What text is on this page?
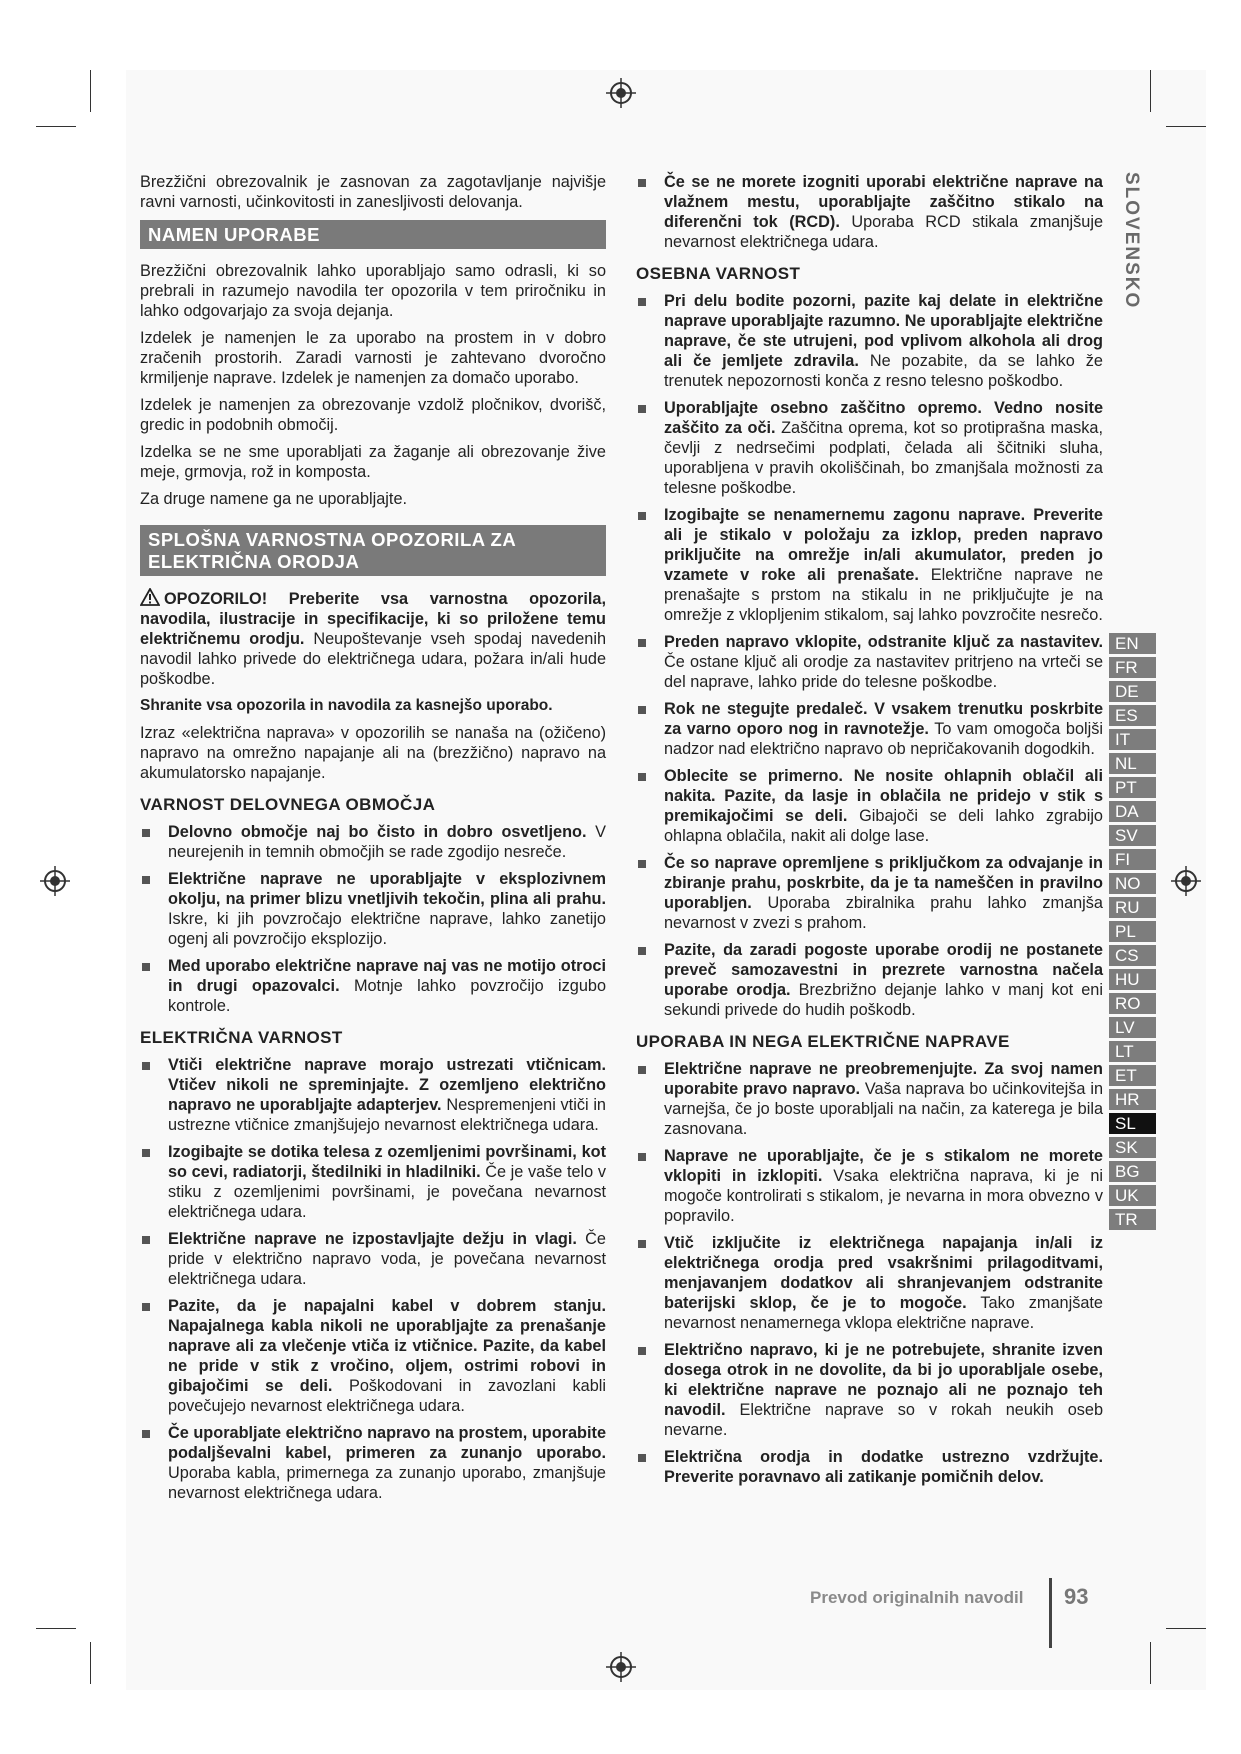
Brezžični obrezovalnik je zasnovan za zagotavljanje najvišje ravni varnosti, učinkovitosti in zanesljivosti delovanja.

NAMEN UPORABE

Brezžični obrezovalnik lahko uporabljajo samo odrasli, ki so prebrali in razumejo navodila ter opozorila v tem priročniku in lahko odgovarjajo za svoja dejanja.

Izdelek je namenjen le za uporabo na prostem in v dobro zračenih prostorih. Zaradi varnosti je zahtevano dvoročno krmiljenje naprave. Izdelek je namenjen za domačo uporabo.

Izdelek je namenjen za obrezovanje vzdolž pločnikov, dvorišč, gredic in podobnih območij.

Izdelka se ne sme uporabljati za žaganje ali obrezovanje žive meje, grmovja, rož in komposta.

Za druge namene ga ne uporabljajte.

SPLOŠNA VARNOSTNA OPOZORILA ZA ELEKTRIČNA ORODJA

OPOZORILO! Preberite vsa varnostna opozorila, navodila, ilustracije in specifikacije, ki so priložene temu električnemu orodju. Neupoštevanje vseh spodaj navedenih navodil lahko privede do električnega udara, požara in/ali hude poškodbe.

Shranite vsa opozorila in navodila za kasnejšo uporabo.

Izraz «električna naprava» v opozorilih se nanaša na (ožičeno) napravo na omrežno napajanje ali na (brezžično) napravo na akumulatorsko napajanje.

VARNOST DELOVNEGA OBMOČJA
Delovno območje naj bo čisto in dobro osvetljeno. V neurejenih in temnih območjih se rade zgodijo nesreče.
Električne naprave ne uporabljajte v eksplozivnem okolju, na primer blizu vnetljivih tekočin, plina ali prahu. Iskre, ki jih povzročajo električne naprave, lahko zanetijo ogenj ali povzročijo eksplozijo.
Med uporabo električne naprave naj vas ne motijo otroci in drugi opazovalci. Motnje lahko povzročijo izgubo kontrole.
ELEKTRIČNA VARNOST
Vtiči električne naprave morajo ustrezati vtičnicam. Vtičev nikoli ne spreminjajte. Z ozemljeno električno napravo ne uporabljajte adapterjev. Nespremenjeni vtiči in ustrezne vtičnice zmanjšujejo nevarnost električnega udara.
Izogibajte se dotika telesa z ozemljenimi površinami, kot so cevi, radiatorji, štedilniki in hladilniki. Če je vaše telo v stiku z ozemljenimi površinami, je povečana nevarnost električnega udara.
Električne naprave ne izpostavljajte dežju in vlagi. Če pride v električno napravo voda, je povečana nevarnost električnega udara.
Pazite, da je napajalni kabel v dobrem stanju. Napajalnega kabla nikoli ne uporabljajte za prenašanje naprave ali za vlečenje vtiča iz vtičnice. Pazite, da kabel ne pride v stik z vročino, oljem, ostrimi robovi in gibajočimi se deli. Poškodovani in zavozlani kabli povečujejo nevarnost električnega udara.
Če uporabljate električno napravo na prostem, uporabite podaljševalni kabel, primeren za zunanjo uporabo. Uporaba kabla, primernega za zunanjo uporabo, zmanjšuje nevarnost električnega udara.
Če se ne morete izogniti uporabi električne naprave na vlažnem mestu, uporabljajte zaščitno stikalo na diferenčni tok (RCD). Uporaba RCD stikala zmanjšuje nevarnost električnega udara.
OSEBNA VARNOST
Pri delu bodite pozorni, pazite kaj delate in električne naprave uporabljajte razumno. Ne uporabljajte električne naprave, če ste utrujeni, pod vplivom alkohola ali drog ali če jemljete zdravila. Ne pozabite, da se lahko že trenutek nepozornosti konča z resno telesno poškodbo.
Uporabljajte osebno zaščitno opremo. Vedno nosite zaščito za oči. Zaščitna oprema, kot so protiprašna maska, čevlji z nedrsečimi podplati, čelada ali ščitniki sluha, uporabljena v pravih okoliščinah, bo zmanjšala možnosti za telesne poškodbe.
Izogibajte se nenamernemu zagonu naprave. Preverite ali je stikalo v položaju za izklop, preden napravo priključite na omrežje in/ali akumulator, preden jo vzamete v roke ali prenašate. Električne naprave ne prenašajte s prstom na stikalu in ne priključujte je na omrežje z vklopljenim stikalom, saj lahko povzročite nesrečo.
Preden napravo vklopite, odstranite ključ za nastavitev. Če ostane ključ ali orodje za nastavitev pritrjeno na vrteči se del naprave, lahko pride do telesne poškodbe.
Rok ne stegujte predaleč. V vsakem trenutku poskrbite za varno oporo nog in ravnotežje. To vam omogoča boljši nadzor nad električno napravo ob nepričakovanih dogodkih.
Oblecite se primerno. Ne nosite ohlapnih oblačil ali nakita. Pazite, da lasje in oblačila ne pridejo v stik s premikajočimi se deli. Gibajoči se deli lahko zgrabijo ohlapna oblačila, nakit ali dolge lase.
Če so naprave opremljene s priključkom za odvajanje in zbiranje prahu, poskrbite, da je ta nameščen in pravilno uporabljen. Uporaba zbiralnika prahu lahko zmanjša nevarnost v zvezi s prahom.
Pazite, da zaradi pogoste uporabe orodij ne postanete preveč samozavestni in prezrete varnostna načela uporabe orodja. Brezbrižno dejanje lahko v manj kot eni sekundi privede do hudih poškodb.
UPORABA IN NEGA ELEKTRIČNE NAPRAVE
Električne naprave ne preobremenjujte. Za svoj namen uporabite pravo napravo. Vaša naprava bo učinkovitejša in varnejša, če jo boste uporabljali na način, za katerega je bila zasnovana.
Naprave ne uporabljajte, če je s stikalom ne morete vklopiti in izklopiti. Vsaka električna naprava, ki je ni mogoče kontrolirati s stikalom, je nevarna in mora obvezno v popravilo.
Vtič izključite iz električnega napajanja in/ali iz električnega orodja pred vsakršnimi prilagoditvami, menjavanjem dodatkov ali shranjevanjem odstranite baterijski sklop, če je to mogoče. Tako zmanjšate nevarnost nenamernega vklopa električne naprave.
Električno napravo, ki je ne potrebujete, shranite izven dosega otrok in ne dovolite, da bi jo uporabljale osebe, ki električne naprave ne poznajo ali ne poznajo teh navodil. Električne naprave so v rokah neukih oseb nevarne.
Električna orodja in dodatke ustrezno vzdržujte. Preverite poravnavo ali zatikanje pomičnih delov.
SLOVENSKO
EN
FR
DE
ES
IT
NL
PT
DA
SV
FI
NO
RU
PL
CS
HU
RO
LV
LT
ET
HR
SL
SK
BG
UK
TR
Prevod originalnih navodil 93
